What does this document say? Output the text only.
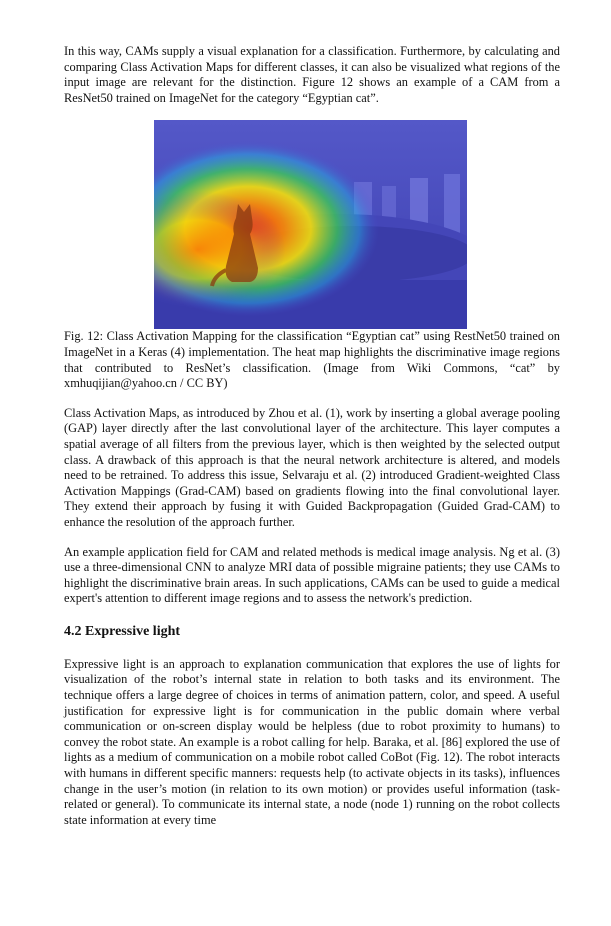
In this way, CAMs supply a visual explanation for a classification. Furthermore, by calculating and comparing Class Activation Maps for different classes, it can also be visualized what regions of the input image are relevant for the distinction. Figure 12 shows an example of a CAM from a ResNet50 trained on ImageNet for the category “Egyptian cat”.

Fig. 12: Class Activation Mapping for the classification “Egyptian cat” using RestNet50 trained on ImageNet in a Keras (4) implementation. The heat map highlights the discriminative image regions that contributed to ResNet’s classification. (Image from Wiki Commons, “cat” by xmhuqijian@yahoo.cn / CC BY)

Class Activation Maps, as introduced by Zhou et al. (1), work by inserting a global average pooling (GAP) layer directly after the last convolutional layer of the architecture. This layer computes a spatial average of all filters from the previous layer, which is then weighted by the selected output class. A drawback of this approach is that the neural network architecture is altered, and models need to be retrained. To address this issue, Selvaraju et al. (2) introduced Gradient-weighted Class Activation Mappings (Grad-CAM) based on gradients flowing into the final convolutional layer. They extend their approach by fusing it with Guided Backpropagation (Guided Grad-CAM) to enhance the resolution of the approach further.

An example application field for CAM and related methods is medical image analysis. Ng et al. (3) use a three-dimensional CNN to analyze MRI data of possible migraine patients; they use CAMs to highlight the discriminative brain areas. In such applications, CAMs can be used to guide a medical expert's attention to different image regions and to assess the network's prediction.

4.2 Expressive light

Expressive light is an approach to explanation communication that explores the use of lights for visualization of the robot’s internal state in relation to both tasks and its environment. The technique offers a large degree of choices in terms of animation pattern, color, and speed. A useful justification for expressive light is for communication in the public domain where verbal communication or on-screen display would be helpless (due to robot proximity to humans) to convey the robot state. An example is a robot calling for help. Baraka, et al. [86] explored the use of lights as a medium of communication on a mobile robot called CoBot (Fig. 12). The robot interacts with humans in different specific manners: requests help (to activate objects in its tasks), influences change in the user’s motion (in relation to its own motion) or provides useful information (task-related or general). To communicate its internal state, a node (node 1) running on the robot collects state information at every time
